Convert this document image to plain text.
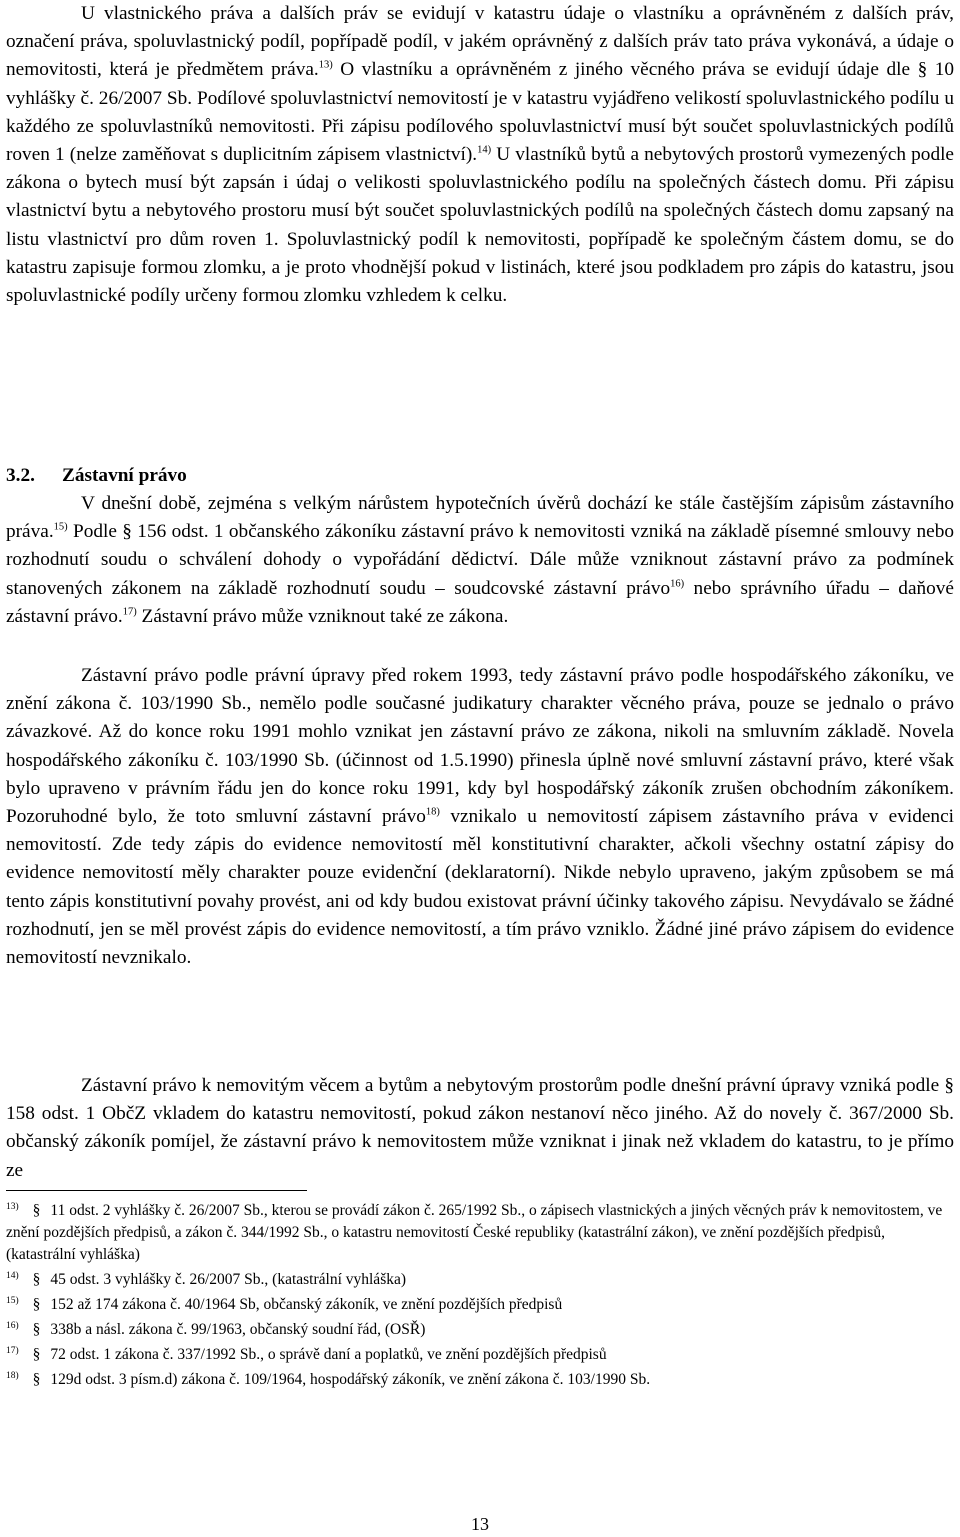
U vlastnického práva a dalších práv se evidují v katastru údaje o vlastníku a oprávněném z dalších práv, označení práva, spoluvlastnický podíl, popřípadě podíl, v jakém oprávněný z dalších práv tato práva vykonává, a údaje o nemovitosti, která je předmětem práva.$^{13)}$ O vlastníku a oprávněném z jiného věcného práva se evidují údaje dle § 10 vyhlášky č. 26/2007 Sb. Podílové spoluvlastnictví nemovitostí je v katastru vyjádřeno velikostí spoluvlastnického podílu u každého ze spoluvlastníků nemovitosti. Při zápisu podílového spoluvlastnictví musí být součet spoluvlastnických podílů roven 1 (nelze zaměňovat s duplicitním zápisem vlastnictví).$^{14)}$ U vlastníků bytů a nebytových prostorů vymezených podle zákona o bytech musí být zapsán i údaj o velikosti spoluvlastnického podílu na společných částech domu. Při zápisu vlastnictví bytu a nebytového prostoru musí být součet spoluvlastnických podílů na společných částech domu zapsaný na listu vlastnictví pro dům roven 1. Spoluvlastnický podíl k nemovitosti, popřípadě ke společným částem domu, se do katastru zapisuje formou zlomku, a je proto vhodnější pokud v listinách, které jsou podkladem pro zápis do katastru, jsou spoluvlastnické podíly určeny formou zlomku vzhledem k celku.

3.2. Zástavní právo

V dnešní době, zejména s velkým nárůstem hypotečních úvěrů dochází ke stále častějším zápisům zástavního práva.$^{15)}$ Podle § 156 odst. 1 občanského zákoníku zástavní právo k nemovitosti vzniká na základě písemné smlouvy nebo rozhodnutí soudu o schválení dohody o vypořádání dědictví. Dále může vzniknout zástavní právo za podmínek stanovených zákonem na základě rozhodnutí soudu – soudcovské zástavní právo$^{16)}$ nebo správního úřadu – daňové zástavní právo.$^{17)}$ Zástavní právo může vzniknout také ze zákona.

Zástavní právo podle právní úpravy před rokem 1993, tedy zástavní právo podle hospodářského zákoníku, ve znění zákona č. 103/1990 Sb., nemělo podle současné judikatury charakter věcného práva, pouze se jednalo o právo závazkové. Až do konce roku 1991 mohlo vznikat jen zástavní právo ze zákona, nikoli na smluvním základě. Novela hospodářského zákoníku č. 103/1990 Sb. (účinnost od 1.5.1990) přinesla úplně nové smluvní zástavní právo, které však bylo upraveno v právním řádu jen do konce roku 1991, kdy byl hospodářský zákoník zrušen obchodním zákoníkem. Pozoruhodné bylo, že toto smluvní zástavní právo$^{18)}$ vznikalo u nemovitostí zápisem zástavního práva v evidenci nemovitostí. Zde tedy zápis do evidence nemovitostí měl konstitutivní charakter, ačkoli všechny ostatní zápisy do evidence nemovitostí měly charakter pouze evidenční (deklaratorní). Nikde nebylo upraveno, jakým způsobem se má tento zápis konstitutivní povahy provést, ani od kdy budou existovat právní účinky takového zápisu. Nevydávalo se žádné rozhodnutí, jen se měl provést zápis do evidence nemovitostí, a tím právo vzniklo. Žádné jiné právo zápisem do evidence nemovitostí nevznikalo.

Zástavní právo k nemovitým věcem a bytům a nebytovým prostorům podle dnešní právní úpravy vzniká podle § 158 odst. 1 ObčZ vkladem do katastru nemovitostí, pokud zákon nestanoví něco jiného. Až do novely č. 367/2000 Sb. občanský zákoník pomíjel, že zástavní právo k nemovitostem může vzniknat i jinak než vkladem do katastru, to je přímo ze

$^{13)}$ § 11 odst. 2 vyhlášky č. 26/2007 Sb., kterou se provádí zákon č. 265/1992 Sb., o zápisech vlastnických a jiných věcných práv k nemovitostem, ve znění pozdějších předpisů, a zákon č. 344/1992 Sb., o katastru nemovitostí České republiky (katastrální zákon), ve znění pozdějších předpisů, (katastrální vyhláška)

$^{14)}$ § 45 odst. 3 vyhlášky č. 26/2007 Sb., (katastrální vyhláška)

$^{15)}$ § 152 až 174 zákona č. 40/1964 Sb, občanský zákoník, ve znění pozdějších předpisů

$^{16)}$ § 338b a násl. zákona č. 99/1963, občanský soudní řád, (OSŘ)

$^{17)}$ § 72 odst. 1 zákona č. 337/1992 Sb., o správě daní a poplatků, ve znění pozdějších předpisů

$^{18)}$ § 129d odst. 3 písm.d) zákona č. 109/1964, hospodářský zákoník, ve znění zákona č. 103/1990 Sb.

13
